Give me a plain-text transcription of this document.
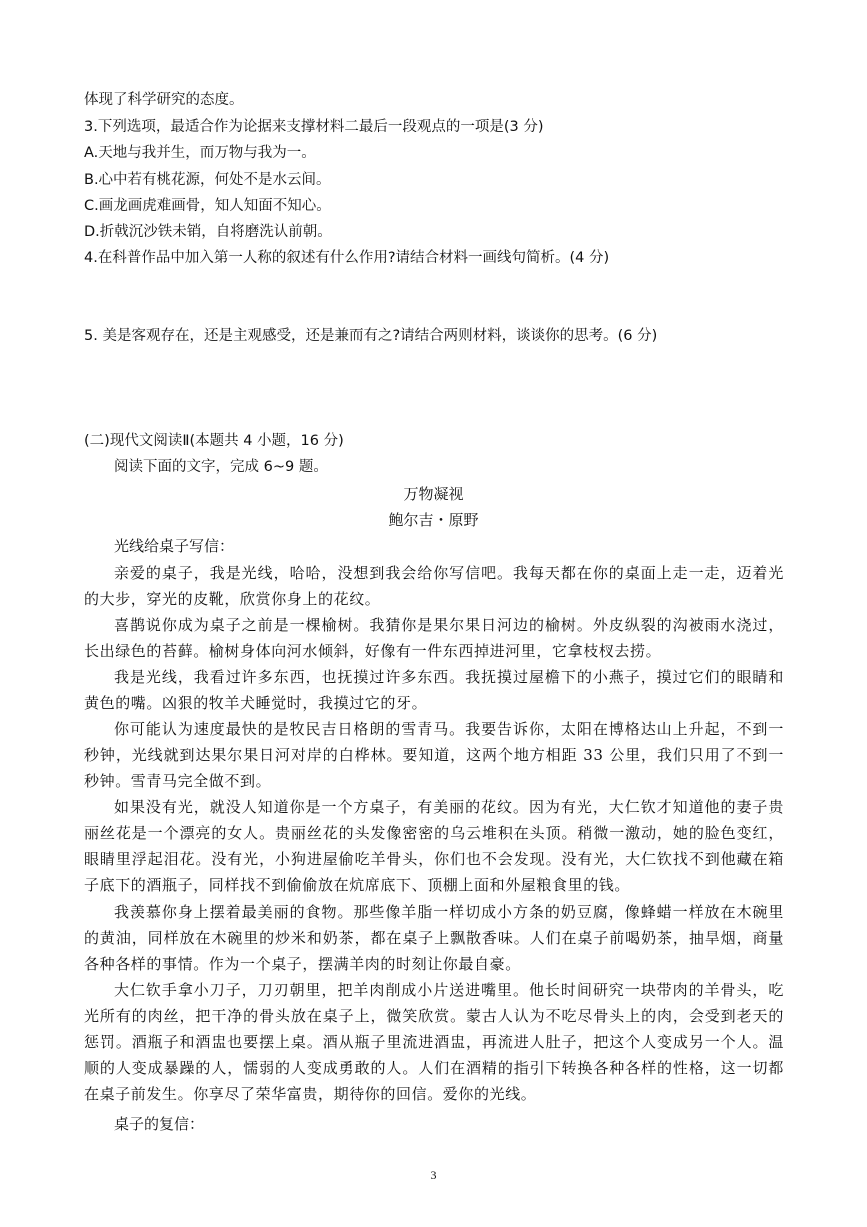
体现了科学研究的态度。
3.下列选项，最适合作为论据来支撑材料二最后一段观点的一项是(3 分)
A.天地与我并生，而万物与我为一。
B.心中若有桃花源，何处不是水云间。
C.画龙画虎难画骨，知人知面不知心。
D.折戟沉沙铁未销，自将磨洗认前朝。
4.在科普作品中加入第一人称的叙述有什么作用?请结合材料一画线句简析。(4 分)
5. 美是客观存在，还是主观感受，还是兼而有之?请结合两则材料，谈谈你的思考。(6 分)
(二)现代文阅读Ⅱ(本题共 4 小题，16 分)
阅读下面的文字，完成 6~9 题。
万物凝视
鲍尔吉・原野
光线给桌子写信：
亲爱的桌子，我是光线，哈哈，没想到我会给你写信吧。我每天都在你的桌面上走一走，迈着光的大步，穿光的皮靴，欣赏你身上的花纹。
喜鹊说你成为桌子之前是一棵榆树。我猜你是果尔果日河边的榆树。外皮纵裂的沟被雨水浇过，长出绿色的苔藓。榆树身体向河水倾斜，好像有一件东西掉进河里，它拿枝杈去捞。
我是光线，我看过许多东西，也抚摸过许多东西。我抚摸过屋檐下的小燕子，摸过它们的眼睛和黄色的嘴。凶狠的牧羊犬睡觉时，我摸过它的牙。
你可能认为速度最快的是牧民吉日格朗的雪青马。我要告诉你，太阳在博格达山上升起，不到一秒钟，光线就到达果尔果日河对岸的白桦林。要知道，这两个地方相距 33 公里，我们只用了不到一秒钟。雪青马完全做不到。
如果没有光，就没人知道你是一个方桌子，有美丽的花纹。因为有光，大仁钦才知道他的妻子贵丽丝花是一个漂亮的女人。贵丽丝花的头发像密密的乌云堆积在头顶。稍微一激动，她的脸色变红，眼睛里浮起泪花。没有光，小狗进屋偷吃羊骨头，你们也不会发现。没有光，大仁钦找不到他藏在箱子底下的酒瓶子，同样找不到偷偷放在炕席底下、顶棚上面和外屋粮食里的钱。
我羡慕你身上摆着最美丽的食物。那些像羊脂一样切成小方条的奶豆腐，像蜂蜡一样放在木碗里的黄油，同样放在木碗里的炒米和奶茶，都在桌子上飘散香味。人们在桌子前喝奶茶，抽旱烟，商量各种各样的事情。作为一个桌子，摆满羊肉的时刻让你最自豪。
大仁钦手拿小刀子，刀刃朝里，把羊肉削成小片送进嘴里。他长时间研究一块带肉的羊骨头，吃光所有的肉丝，把干净的骨头放在桌子上，微笑欣赏。蒙古人认为不吃尽骨头上的肉，会受到老天的惩罚。酒瓶子和酒盅也要摆上桌。酒从瓶子里流进酒盅，再流进人肚子，把这个人变成另一个人。温顺的人变成暴躁的人，懦弱的人变成勇敢的人。人们在酒精的指引下转换各种各样的性格，这一切都在桌子前发生。你享尽了荣华富贵，期待你的回信。爱你的光线。
桌子的复信：
3
